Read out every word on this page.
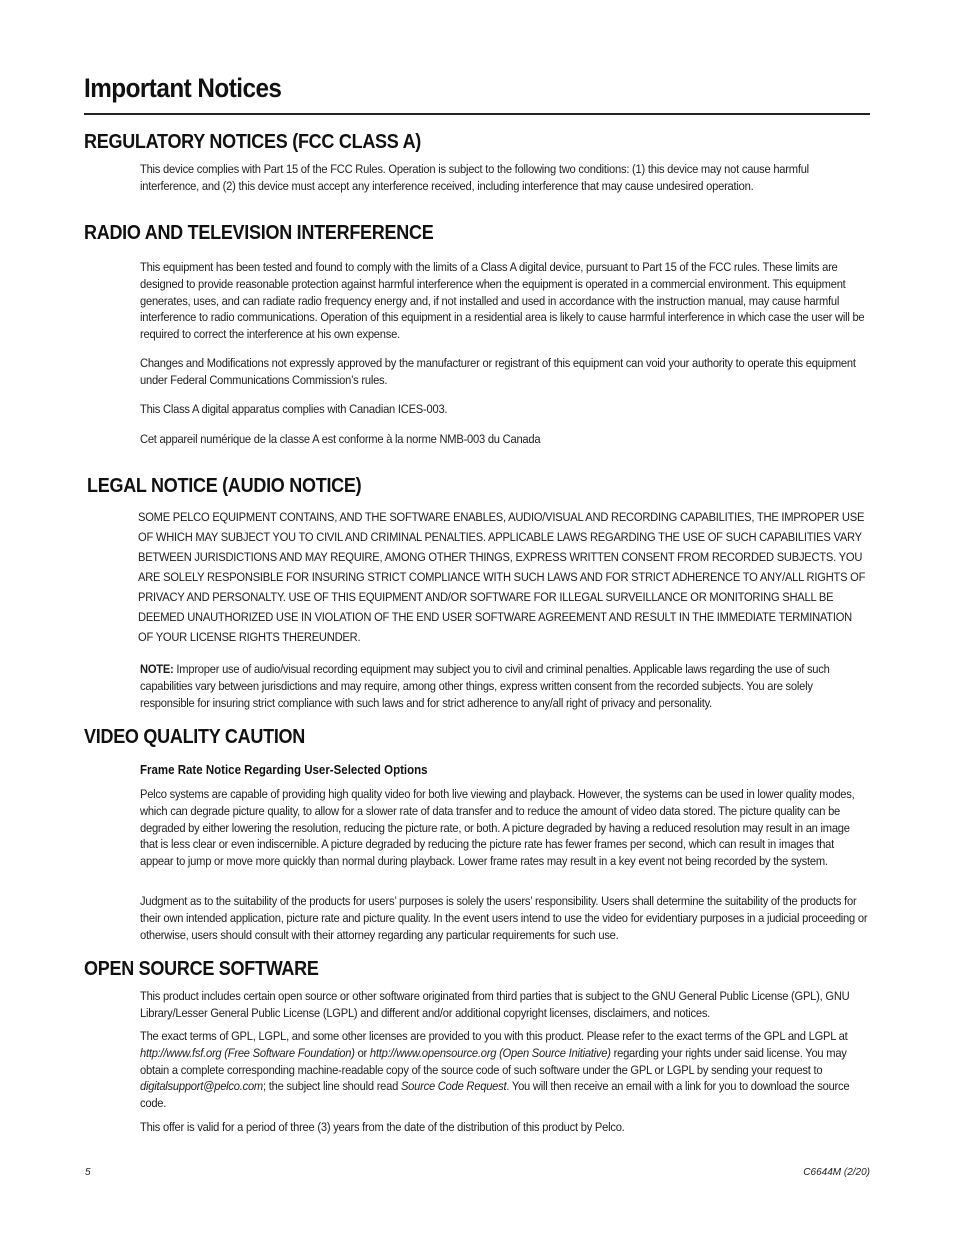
Important Notices
REGULATORY NOTICES (FCC CLASS A)

This device complies with Part 15 of the FCC Rules. Operation is subject to the following two conditions: (1) this device may not cause harmful interference, and (2) this device must accept any interference received, including interference that may cause undesired operation.

RADIO AND TELEVISION INTERFERENCE

This equipment has been tested and found to comply with the limits of a Class A digital device, pursuant to Part 15 of the FCC rules. These limits are designed to provide reasonable protection against harmful interference when the equipment is operated in a commercial environment. This equipment generates, uses, and can radiate radio frequency energy and, if not installed and used in accordance with the instruction manual, may cause harmful interference to radio communications. Operation of this equipment in a residential area is likely to cause harmful interference in which case the user will be required to correct the interference at his own expense.

Changes and Modifications not expressly approved by the manufacturer or registrant of this equipment can void your authority to operate this equipment under Federal Communications Commission’s rules.

This Class A digital apparatus complies with Canadian ICES-003.

Cet appareil numérique de la classe A est conforme à la norme NMB-003 du Canada

LEGAL NOTICE (AUDIO NOTICE)

SOME PELCO EQUIPMENT CONTAINS, AND THE SOFTWARE ENABLES, AUDIO/VISUAL AND RECORDING CAPABILITIES, THE IMPROPER USE OF WHICH MAY SUBJECT YOU TO CIVIL AND CRIMINAL PENALTIES. APPLICABLE LAWS REGARDING THE USE OF SUCH CAPABILITIES VARY BETWEEN JURISDICTIONS AND MAY REQUIRE, AMONG OTHER THINGS, EXPRESS WRITTEN CONSENT FROM RECORDED SUBJECTS. YOU ARE SOLELY RESPONSIBLE FOR INSURING STRICT COMPLIANCE WITH SUCH LAWS AND FOR STRICT ADHERENCE TO ANY/ALL RIGHTS OF PRIVACY AND PERSONALTY. USE OF THIS EQUIPMENT AND/OR SOFTWARE FOR ILLEGAL SURVEILLANCE OR MONITORING SHALL BE DEEMED UNAUTHORIZED USE IN VIOLATION OF THE END USER SOFTWARE AGREEMENT AND RESULT IN THE IMMEDIATE TERMINATION OF YOUR LICENSE RIGHTS THEREUNDER.

NOTE: Improper use of audio/visual recording equipment may subject you to civil and criminal penalties. Applicable laws regarding the use of such capabilities vary between jurisdictions and may require, among other things, express written consent from the recorded subjects. You are solely responsible for insuring strict compliance with such laws and for strict adherence to any/all right of privacy and personality.

VIDEO QUALITY CAUTION
Frame Rate Notice Regarding User-Selected Options

Pelco systems are capable of providing high quality video for both live viewing and playback. However, the systems can be used in lower quality modes, which can degrade picture quality, to allow for a slower rate of data transfer and to reduce the amount of video data stored. The picture quality can be degraded by either lowering the resolution, reducing the picture rate, or both. A picture degraded by having a reduced resolution may result in an image that is less clear or even indiscernible. A picture degraded by reducing the picture rate has fewer frames per second, which can result in images that appear to jump or move more quickly than normal during playback. Lower frame rates may result in a key event not being recorded by the system.

Judgment as to the suitability of the products for users’ purposes is solely the users’ responsibility. Users shall determine the suitability of the products for their own intended application, picture rate and picture quality. In the event users intend to use the video for evidentiary purposes in a judicial proceeding or otherwise, users should consult with their attorney regarding any particular requirements for such use.

OPEN SOURCE SOFTWARE

This product includes certain open source or other software originated from third parties that is subject to the GNU General Public License (GPL), GNU Library/Lesser General Public License (LGPL) and different and/or additional copyright licenses, disclaimers, and notices.

The exact terms of GPL, LGPL, and some other licenses are provided to you with this product. Please refer to the exact terms of the GPL and LGPL at http://www.fsf.org (Free Software Foundation) or http://www.opensource.org (Open Source Initiative) regarding your rights under said license. You may obtain a complete corresponding machine-readable copy of the source code of such software under the GPL or LGPL by sending your request to digitalsupport@pelco.com; the subject line should read Source Code Request. You will then receive an email with a link for you to download the source code.

This offer is valid for a period of three (3) years from the date of the distribution of this product by Pelco.

5	C6644M (2/20)
